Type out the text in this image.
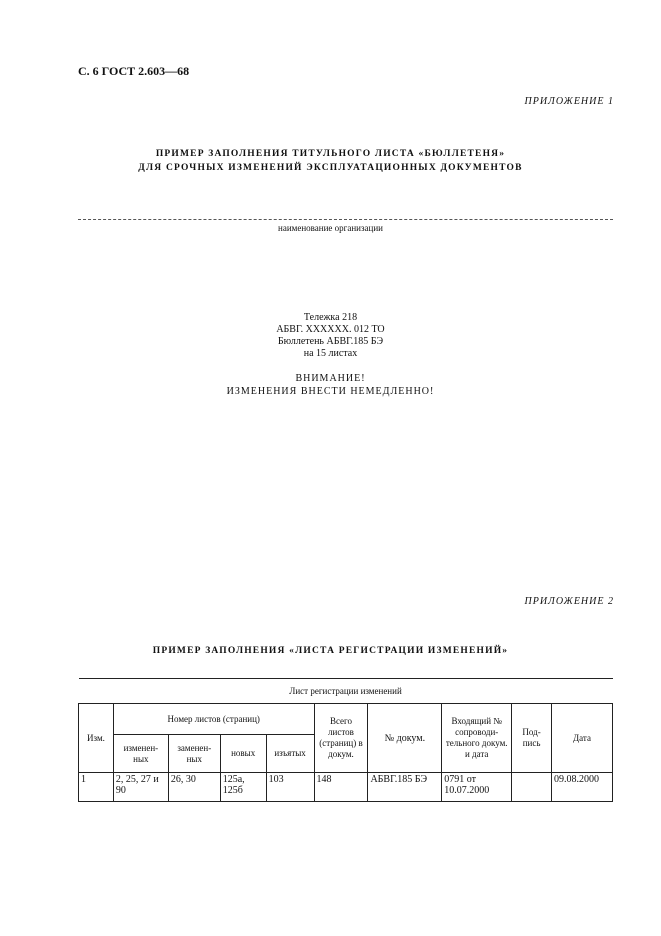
С. 6 ГОСТ 2.603—68
ПРИЛОЖЕНИЕ 1
ПРИМЕР ЗАПОЛНЕНИЯ ТИТУЛЬНОГО ЛИСТА «БЮЛЛЕТЕНЯ»
ДЛЯ СРОЧНЫХ ИЗМЕНЕНИЙ ЭКСПЛУАТАЦИОННЫХ ДОКУМЕНТОВ
наименование организации
Тележка 218
АБВГ. XXXXXX. 012 ТО
Бюллетень АБВГ.185 БЭ
на 15 листах
ВНИМАНИЕ!
ИЗМЕНЕНИЯ ВНЕСТИ НЕМЕДЛЕННО!
ПРИЛОЖЕНИЕ 2
ПРИМЕР ЗАПОЛНЕНИЯ «ЛИСТА РЕГИСТРАЦИИ ИЗМЕНЕНИЙ»
Лист регистрации изменений									
Изм.	Номер листов (страниц)				Всего листов (страниц) в докум.	№ докум.	Входящий № сопроводи-тельного докум. и дата	Под-пись	Дата
	изменен-ных	заменен-ных	новых	изъятых					
1	2, 25, 27 и 90	26, 30	125а, 125б	103	148	АБВГ.185 БЭ	0791 от 10.07.2000		09.08.2000
